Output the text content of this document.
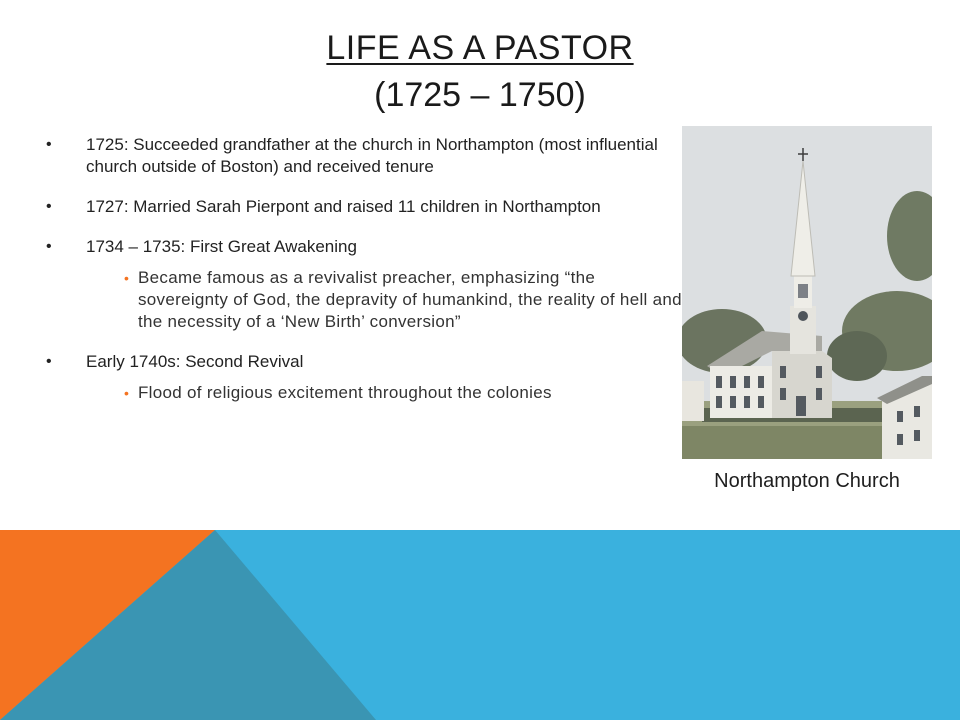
LIFE AS A PASTOR
(1725 – 1750)
• 1725: Succeeded grandfather at the church in Northampton (most influential church outside of Boston) and received tenure
• 1727: Married Sarah Pierpont and raised 11 children in Northampton
• 1734 – 1735: First Great Awakening
• Became famous as a revivalist preacher, emphasizing “the sovereignty of God, the depravity of humankind, the reality of hell and the necessity of a ‘New Birth’ conversion”
• Early 1740s: Second Revival
• Flood of religious excitement throughout the colonies
Northampton Church
